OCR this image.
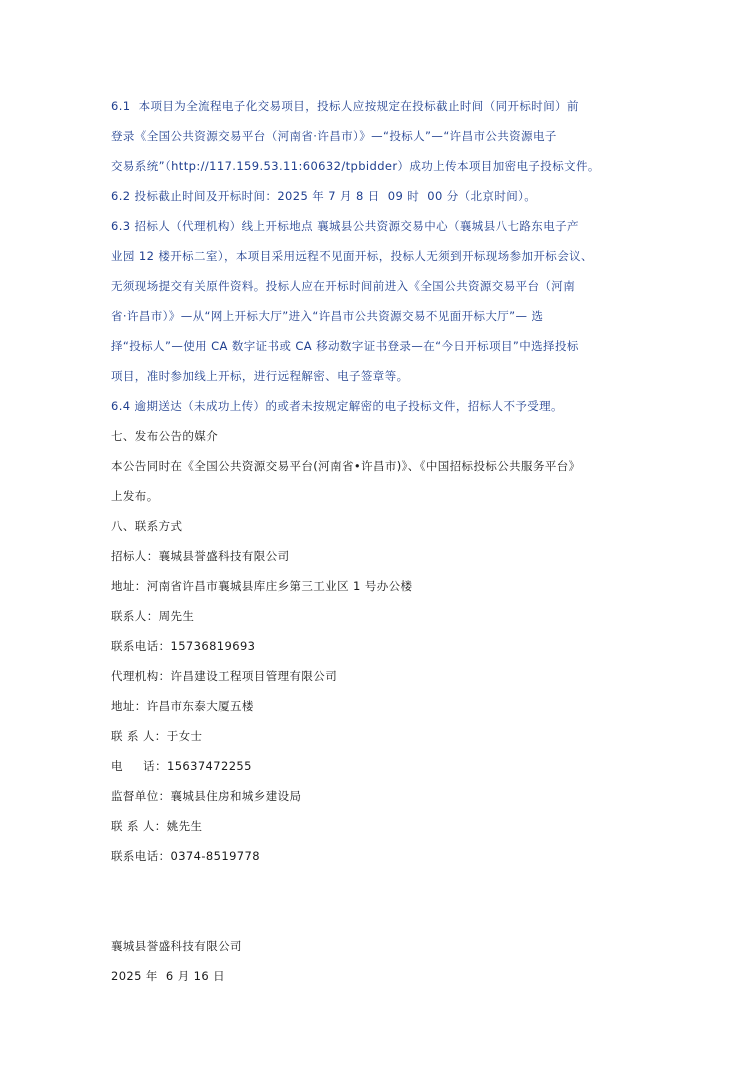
6.1  本项目为全流程电子化交易项目，投标人应按规定在投标截止时间（同开标时间）前
登录《全国公共资源交易平台（河南省·许昌市）》—“投标人”—“许昌市公共资源电子
交易系统”（http://117.159.53.11:60632/tpbidder）成功上传本项目加密电子投标文件。
6.2 投标截止时间及开标时间：2025 年 7 月 8 日  09 时  00 分（北京时间）。
6.3 招标人（代理机构）线上开标地点 襄城县公共资源交易中心（襄城县八七路东电子产
业园 12 楼开标二室），本项目采用远程不见面开标，投标人无须到开标现场参加开标会议、
无须现场提交有关原件资料。投标人应在开标时间前进入《全国公共资源交易平台（河南
省·许昌市）》—从“网上开标大厅”进入“许昌市公共资源交易不见面开标大厅”— 选
择“投标人”—使用 CA 数字证书或 CA 移动数字证书登录—在“今日开标项目”中选择投标
项目，准时参加线上开标，进行远程解密、电子签章等。
6.4 逾期送达（未成功上传）的或者未按规定解密的电子投标文件，招标人不予受理。
七、发布公告的媒介
本公告同时在《全国公共资源交易平台(河南省•许昌市)》、《中国招标投标公共服务平台》
上发布。
八、联系方式
招标人：襄城县誉盛科技有限公司
地址：河南省许昌市襄城县库庄乡第三工业区 1 号办公楼
联系人：周先生
联系电话：15736819693
代理机构：许昌建设工程项目管理有限公司
地址：许昌市东泰大厦五楼
联 系 人：于女士
电     话：15637472255
监督单位：襄城县住房和城乡建设局
联 系 人：姚先生
联系电话：0374-8519778
襄城县誉盛科技有限公司
2025 年  6 月 16 日
